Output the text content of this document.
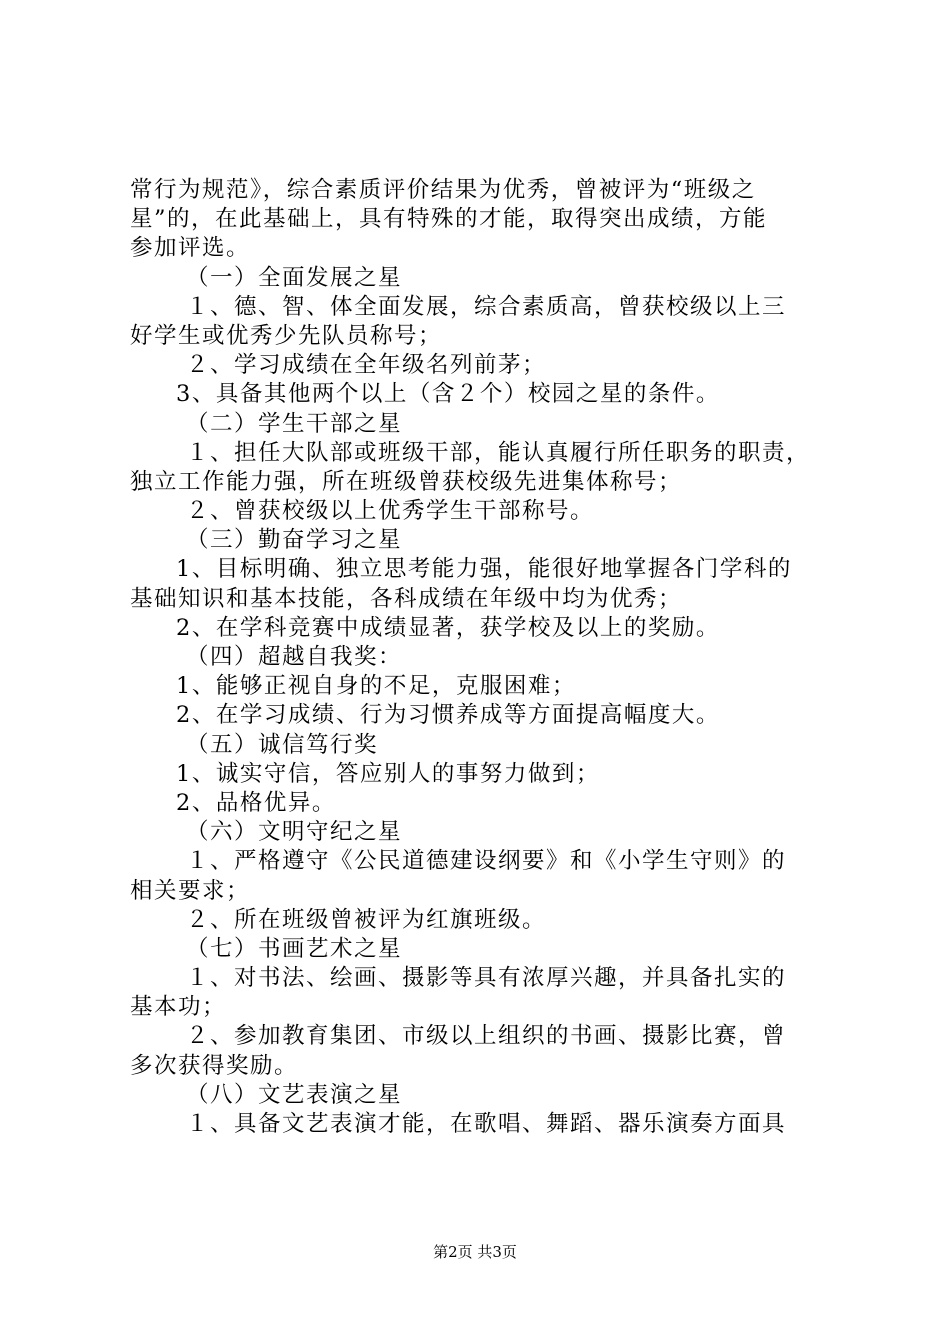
常行为规范》，综合素质评价结果为优秀，曾被评为“班级之
星”的，在此基础上，具有特殊的才能，取得突出成绩，方能
参加评选。
（一）全面发展之星
１、德、智、体全面发展，综合素质高，曾获校级以上三
好学生或优秀少先队员称号；
２、学习成绩在全年级名列前茅；
3、具备其他两个以上（含２个）校园之星的条件。
（二）学生干部之星
１、担任大队部或班级干部，能认真履行所任职务的职责，
独立工作能力强，所在班级曾获校级先进集体称号；
２、曾获校级以上优秀学生干部称号。
（三）勤奋学习之星
1、目标明确、独立思考能力强，能很好地掌握各门学科的
基础知识和基本技能，各科成绩在年级中均为优秀；
2、在学科竞赛中成绩显著，获学校及以上的奖励。
（四）超越自我奖：
1、能够正视自身的不足，克服困难；
2、在学习成绩、行为习惯养成等方面提高幅度大。
（五）诚信笃行奖
1、诚实守信，答应别人的事努力做到；
2、品格优异。
（六）文明守纪之星
１、严格遵守《公民道德建设纲要》和《小学生守则》的
相关要求；
２、所在班级曾被评为红旗班级。
（七）书画艺术之星
１、对书法、绘画、摄影等具有浓厚兴趣，并具备扎实的
基本功；
２、参加教育集团、市级以上组织的书画、摄影比赛，曾
多次获得奖励。
（八）文艺表演之星
１、具备文艺表演才能，在歌唱、舞蹈、器乐演奏方面具
第2页 共3页
